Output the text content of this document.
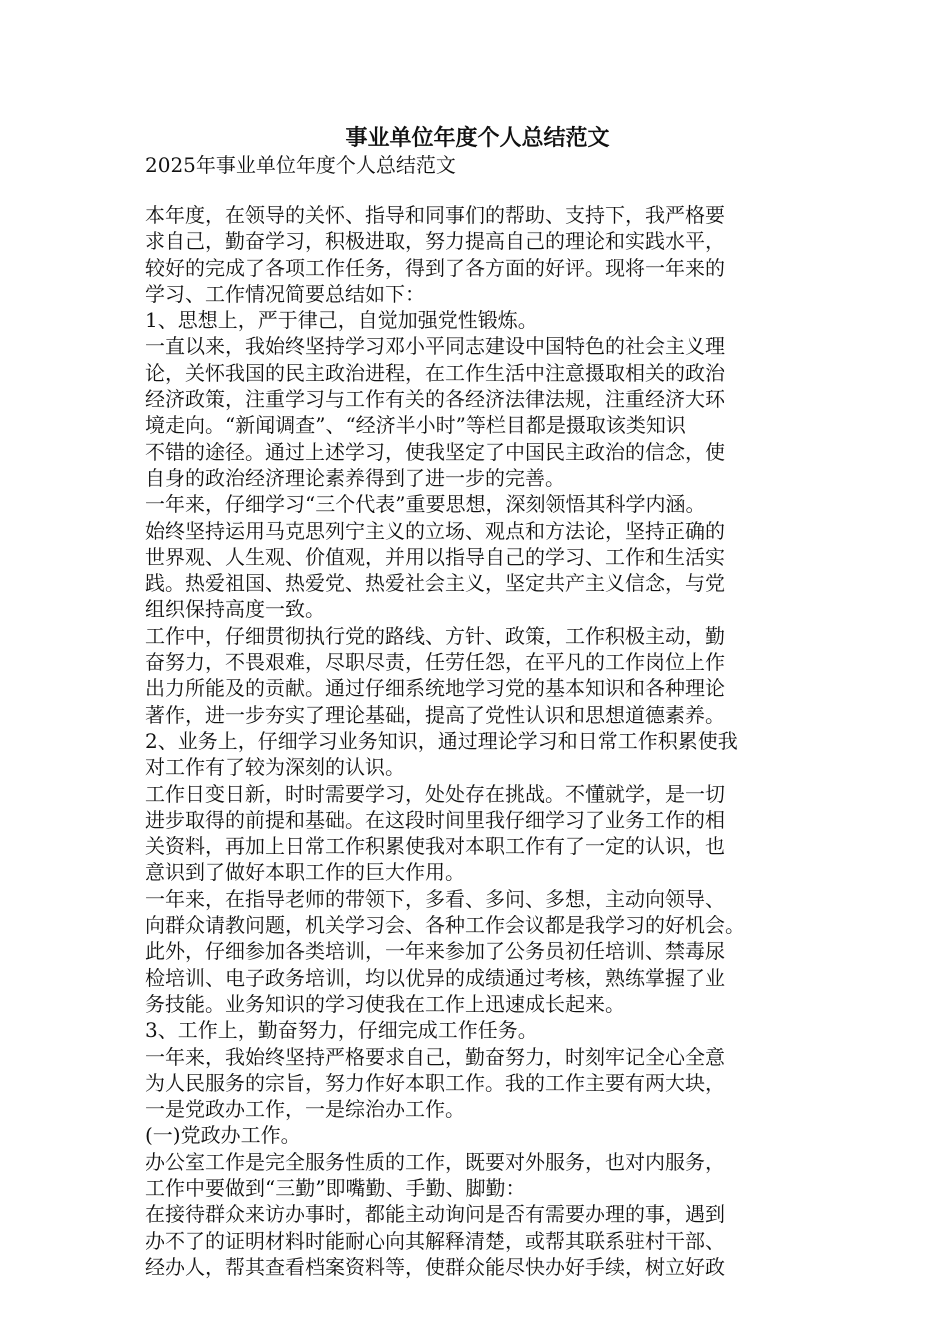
事业单位年度个人总结范文

2025年事业单位年度个人总结范文

本年度，在领导的关怀、指导和同事们的帮助、支持下，我严格要
求自己，勤奋学习，积极进取，努力提高自己的理论和实践水平，
较好的完成了各项工作任务，得到了各方面的好评。现将一年来的
学习、工作情况简要总结如下：

1、思想上，严于律己，自觉加强党性锻炼。

一直以来，我始终坚持学习邓小平同志建设中国特色的社会主义理
论，关怀我国的民主政治进程，在工作生活中注意摄取相关的政治
经济政策，注重学习与工作有关的各经济法律法规，注重经济大环
境走向。“新闻调查”、“经济半小时”等栏目都是摄取该类知识
不错的途径。通过上述学习，使我坚定了中国民主政治的信念，使
自身的政治经济理论素养得到了进一步的完善。

一年来，仔细学习“三个代表”重要思想，深刻领悟其科学内涵。
始终坚持运用马克思列宁主义的立场、观点和方法论，坚持正确的
世界观、人生观、价值观，并用以指导自己的学习、工作和生活实
践。热爱祖国、热爱党、热爱社会主义，坚定共产主义信念，与党
组织保持高度一致。

工作中，仔细贯彻执行党的路线、方针、政策，工作积极主动，勤
奋努力，不畏艰难，尽职尽责，任劳任怨，在平凡的工作岗位上作
出力所能及的贡献。通过仔细系统地学习党的基本知识和各种理论
著作，进一步夯实了理论基础，提高了党性认识和思想道德素养。

2、业务上，仔细学习业务知识，通过理论学习和日常工作积累使我
对工作有了较为深刻的认识。

工作日变日新，时时需要学习，处处存在挑战。不懂就学，是一切
进步取得的前提和基础。在这段时间里我仔细学习了业务工作的相
关资料，再加上日常工作积累使我对本职工作有了一定的认识，也
意识到了做好本职工作的巨大作用。

一年来，在指导老师的带领下，多看、多问、多想，主动向领导、
向群众请教问题，机关学习会、各种工作会议都是我学习的好机会。
此外，仔细参加各类培训，一年来参加了公务员初任培训、禁毒尿
检培训、电子政务培训，均以优异的成绩通过考核，熟练掌握了业
务技能。业务知识的学习使我在工作上迅速成长起来。

3、工作上，勤奋努力，仔细完成工作任务。

一年来，我始终坚持严格要求自己，勤奋努力，时刻牢记全心全意
为人民服务的宗旨，努力作好本职工作。我的工作主要有两大块，
一是党政办工作，一是综治办工作。

(一)党政办工作。

办公室工作是完全服务性质的工作，既要对外服务，也对内服务，
工作中要做到“三勤”即嘴勤、手勤、脚勤：

在接待群众来访办事时，都能主动询问是否有需要办理的事，遇到
办不了的证明材料时能耐心向其解释清楚，或帮其联系驻村干部、
经办人，帮其查看档案资料等，使群众能尽快办好手续，树立好政
